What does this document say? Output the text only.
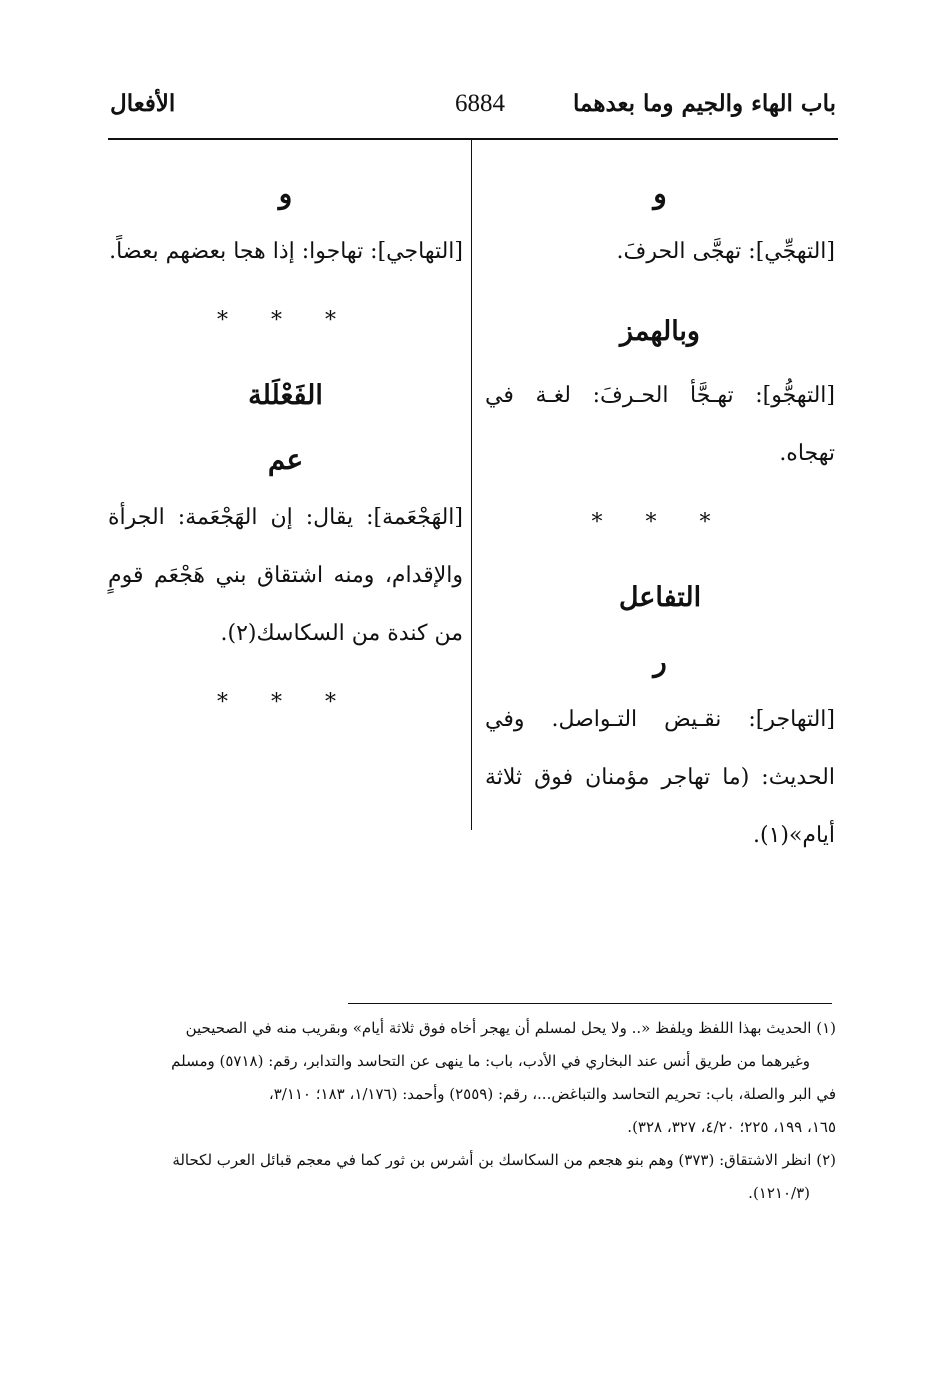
باب الهاء والجيم وما بعدهما
6884
الأفعال
و

[التهجِّي]: تهجَّى الحرفَ.

وبالهمز

[التهجُّو]: تهـجَّأ الحـرفَ: لغـة في تهجاه.

* * *
التفاعل
ر

[التهاجر]: نقـيض التـواصل. وفي الحديث: (ما تهاجر مؤمنان فوق ثلاثة أيام»(١).

و

[التهاجي]: تهاجوا: إذا هجا بعضهم بعضاً.

* * *
الفَعْلَلة
عم

[الهَجْعَمة]: يقال: إن الهَجْعَمة: الجرأة والإقدام، ومنه اشتقاق بني هَجْعَم قومٍ من كندة من السكاسك(٢).

* * *

(١) الحديث بهذا اللفظ ويلفظ «.. ولا يحل لمسلم أن يهجر أخاه فوق ثلاثة أيام» وبقريب منه في الصحيحين

وغيرهما من طريق أنس عند البخاري في الأدب، باب: ما ينهى عن التحاسد والتدابر، رقم: (٥٧١٨) ومسلم

في البر والصلة، باب: تحريم التحاسد والتباغض...، رقم: (٢٥٥٩) وأحمد: (١/١٧٦، ١٨٣؛ ٣/١١٠،

١٦٥، ١٩٩، ٢٢٥؛ ٤/٢٠، ٣٢٧، ٣٢٨).

(٢) انظر الاشتقاق: (٣٧٣) وهم بنو هجعم من السكاسك بن أشرس بن ثور كما في معجم قبائل العرب لكحالة

(١٢١٠/٣).
